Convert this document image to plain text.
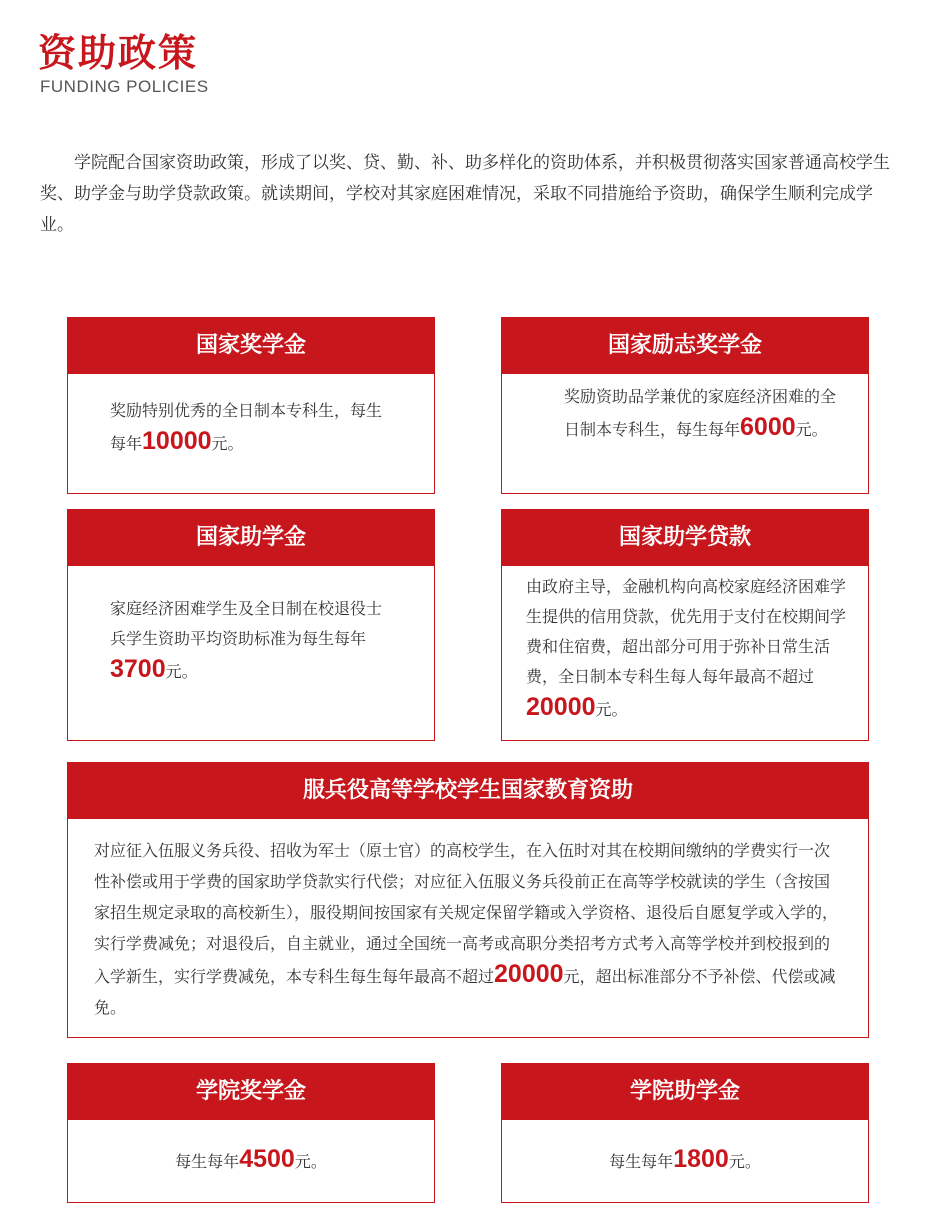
资助政策
FUNDING POLICIES

学院配合国家资助政策，形成了以奖、贷、勤、补、助多样化的资助体系，并积极贯彻落实国家普通高校学生奖、助学金与助学贷款政策。就读期间，学校对其家庭困难情况，采取不同措施给予资助，确保学生顺利完成学业。

国家奖学金
奖励特别优秀的全日制本专科生，每生每年10000元。
国家励志奖学金
奖励资助品学兼优的家庭经济困难的全日制本专科生，每生每年6000元。
国家助学金
家庭经济困难学生及全日制在校退役士兵学生资助平均资助标准为每生每年3700元。
国家助学贷款
由政府主导，金融机构向高校家庭经济困难学生提供的信用贷款，优先用于支付在校期间学费和住宿费，超出部分可用于弥补日常生活费，全日制本专科生每人每年最高不超过20000元。
服兵役高等学校学生国家教育资助
对应征入伍服义务兵役、招收为军士（原士官）的高校学生，在入伍时对其在校期间缴纳的学费实行一次性补偿或用于学费的国家助学贷款实行代偿；对应征入伍服义务兵役前正在高等学校就读的学生（含按国家招生规定录取的高校新生），服役期间按国家有关规定保留学籍或入学资格、退役后自愿复学或入学的，实行学费减免；对退役后，自主就业，通过全国统一高考或高职分类招考方式考入高等学校并到校报到的入学新生，实行学费减免，本专科生每生每年最高不超过20000元，超出标准部分不予补偿、代偿或减免。
学院奖学金
每生每年4500元。
学院助学金
每生每年1800元。
